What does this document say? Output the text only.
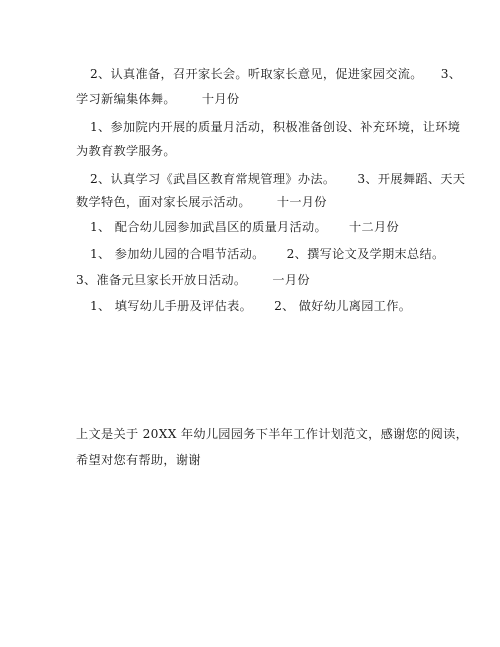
2、认真准备，召开家长会。听取家长意见，促进家园交流。 3、
学习新编集体舞。 十月份
1、参加院内开展的质量月活动，积极准备创设、补充环境，让环境
为教育教学服务。
2、认真学习《武昌区教育常规管理》办法。 3、开展舞蹈、天天
数学特色，面对家长展示活动。 十一月份
1、 配合幼儿园参加武昌区的质量月活动。 十二月份
1、 参加幼儿园的合唱节活动。 2、撰写论文及学期末总结。
3、准备元旦家长开放日活动。 一月份
1、 填写幼儿手册及评估表。 2、 做好幼儿离园工作。
上文是关于 20XX 年幼儿园园务下半年工作计划范文，感谢您的阅读，
希望对您有帮助，谢谢
